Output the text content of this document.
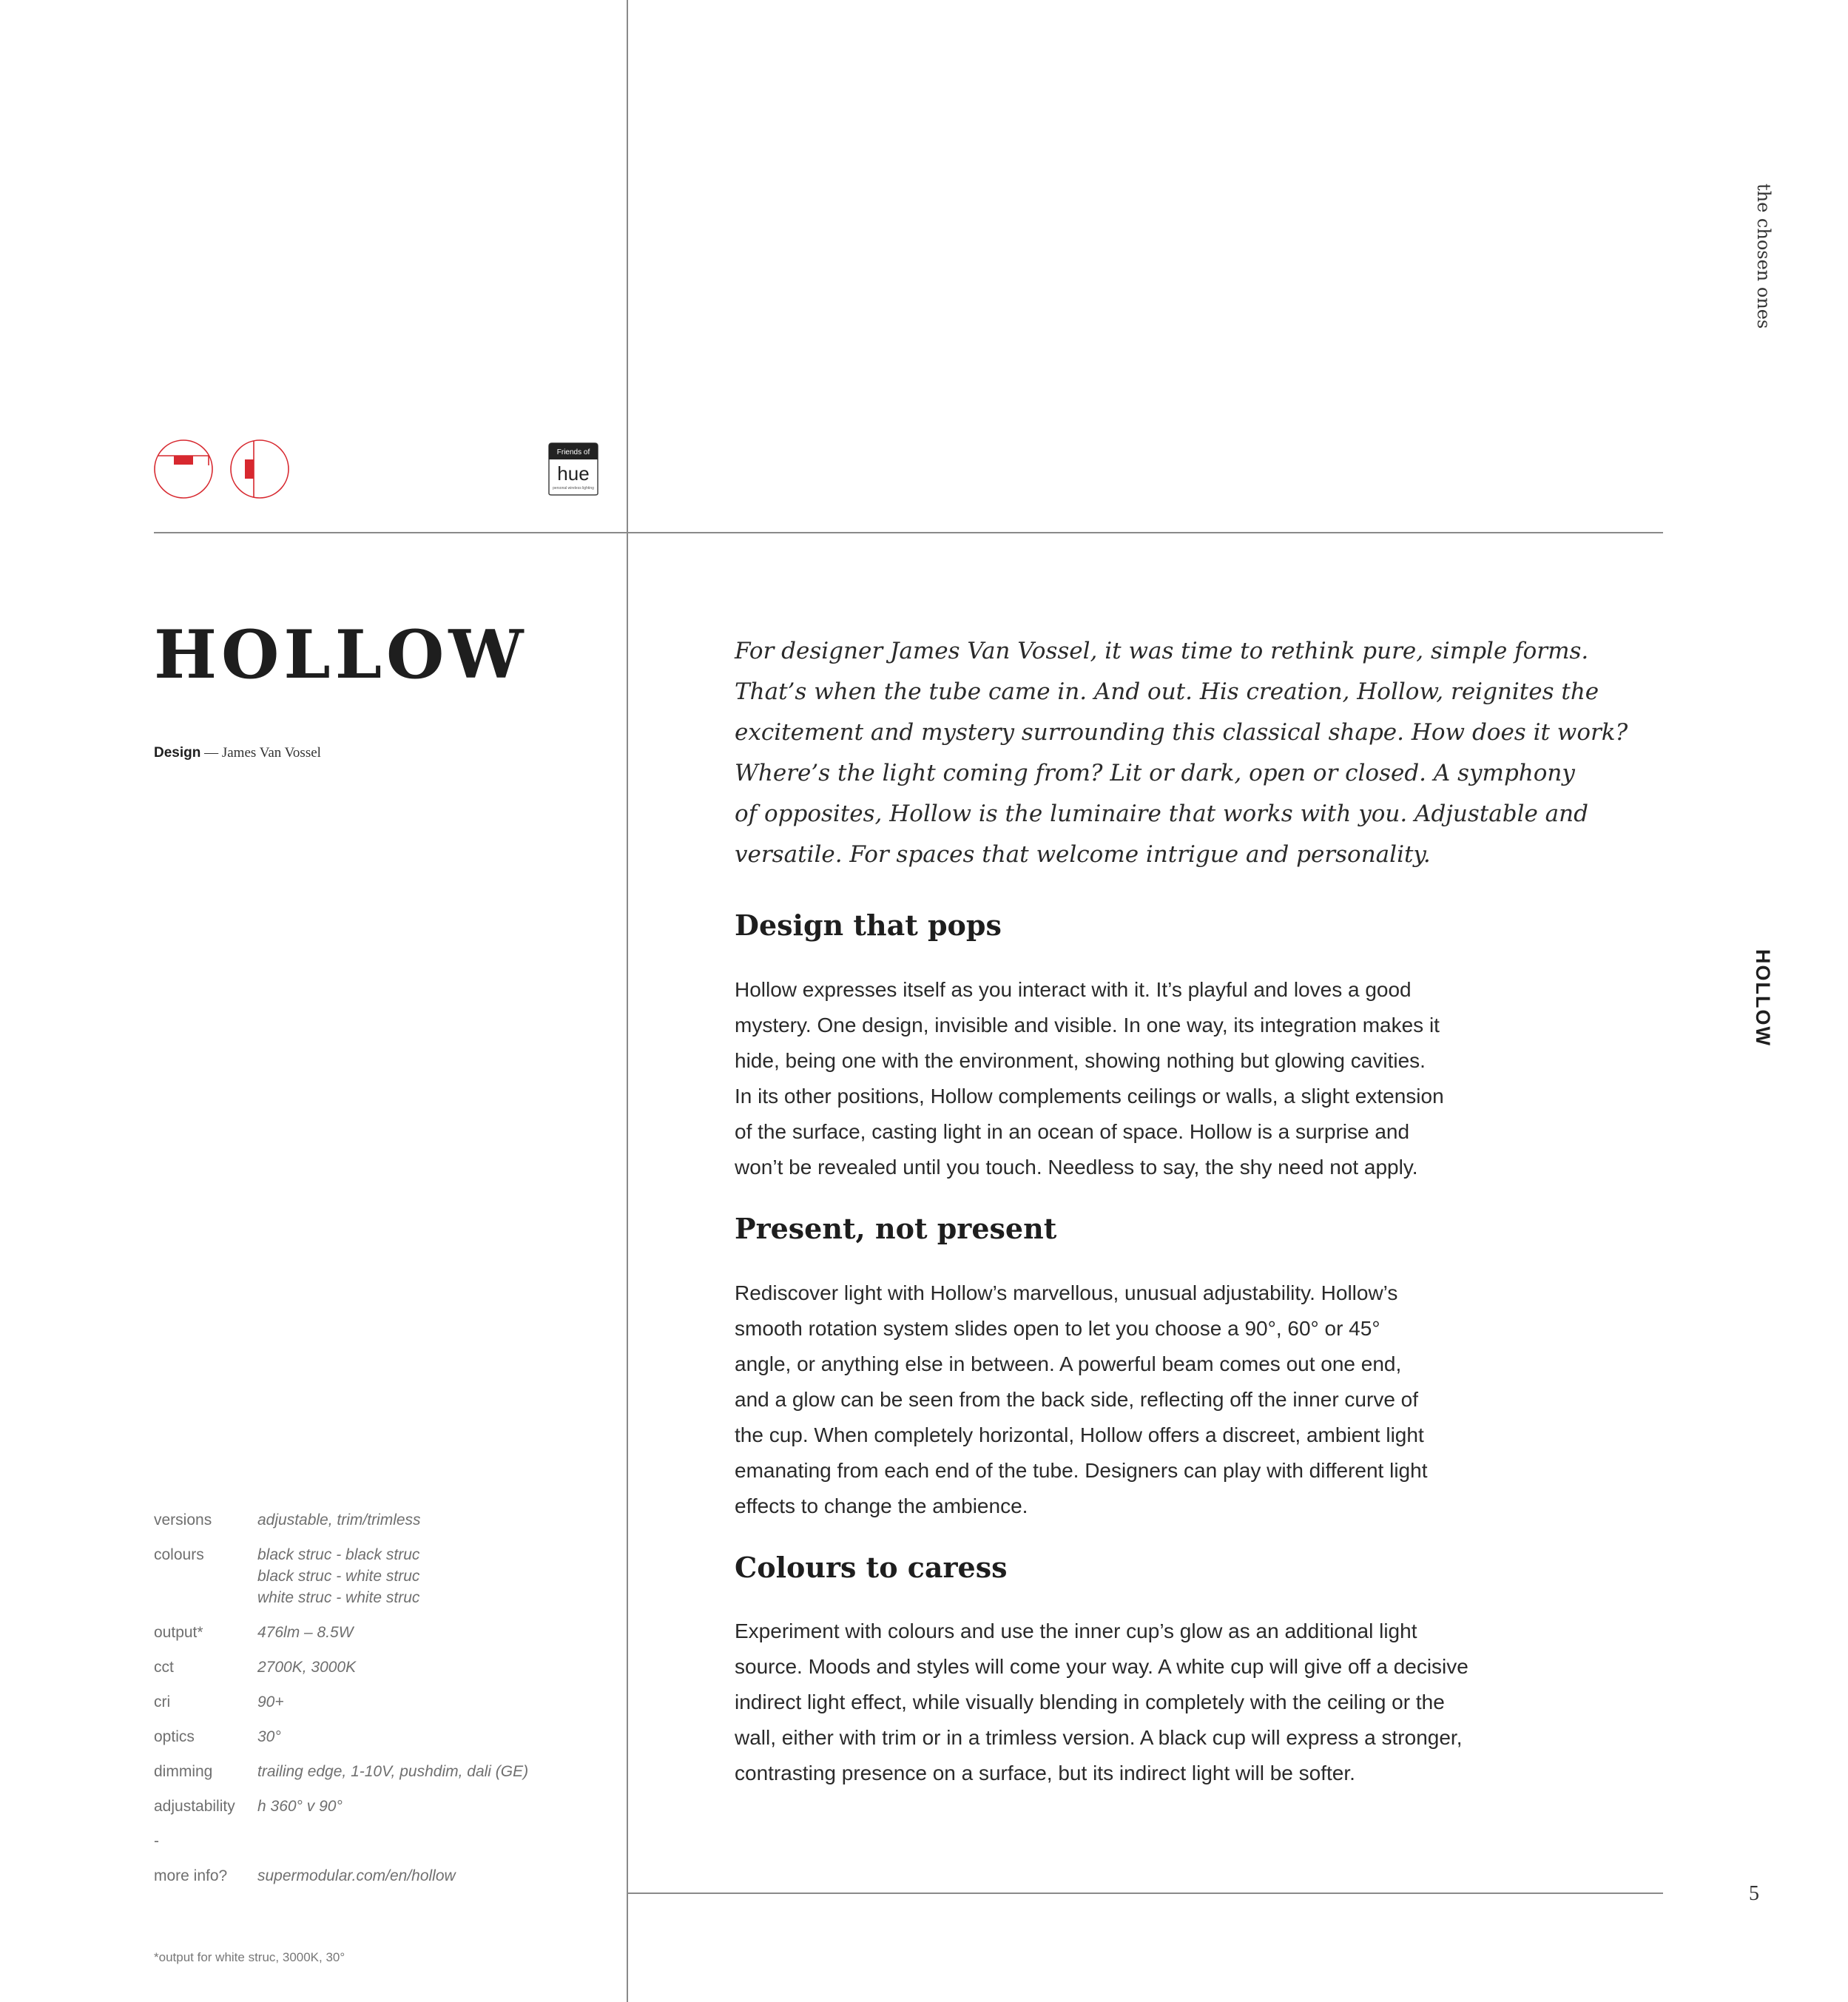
Friends of
hue
personal wireless lighting
the chosen ones
HOLLOW
5
HOLLOW
Design — James Van Vossel
versions	adjustable, trim/trimless
colours	black struc - black struc
black struc - white struc
white struc - white struc
output*	476lm – 8.5W
cct	2700K, 3000K
cri	90+
optics	30°
dimming	trailing edge, 1-10V, pushdim, dali (GE)
adjustability	h 360° v 90°
-
more info?	supermodular.com/en/hollow
*output for white struc, 3000K, 30°

For designer James Van Vossel, it was time to rethink pure, simple forms.
That’s when the tube came in. And out. His creation, Hollow, reignites the
excitement and mystery surrounding this classical shape. How does it work?
Where’s the light coming from? Lit or dark, open or closed. A symphony
of opposites, Hollow is the luminaire that works with you. Adjustable and
versatile. For spaces that welcome intrigue and personality.

Design that pops

Hollow expresses itself as you interact with it. It’s playful and loves a good
mystery. One design, invisible and visible. In one way, its integration makes it
hide, being one with the environment, showing nothing but glowing cavities.
In its other positions, Hollow complements ceilings or walls, a slight extension
of the surface, casting light in an ocean of space. Hollow is a surprise and
won’t be revealed until you touch. Needless to say, the shy need not apply.

Present, not present

Rediscover light with Hollow’s marvellous, unusual adjustability. Hollow’s
smooth rotation system slides open to let you choose a 90°, 60° or 45°
angle, or anything else in between. A powerful beam comes out one end,
and a glow can be seen from the back side, reflecting off the inner curve of
the cup. When completely horizontal, Hollow offers a discreet, ambient light
emanating from each end of the tube. Designers can play with different light
effects to change the ambience.

Colours to caress

Experiment with colours and use the inner cup’s glow as an additional light
source. Moods and styles will come your way. A white cup will give off a decisive
indirect light effect, while visually blending in completely with the ceiling or the
wall, either with trim or in a trimless version. A black cup will express a stronger,
contrasting presence on a surface, but its indirect light will be softer.
